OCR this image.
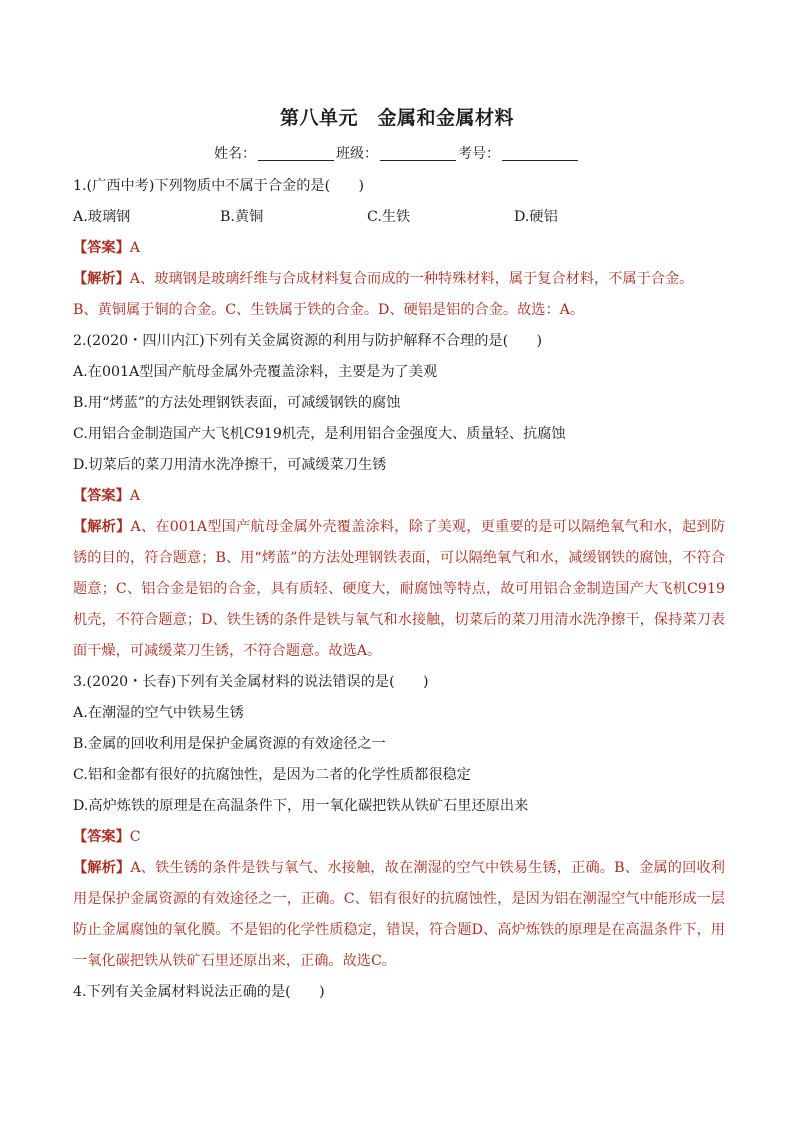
第八单元　金属和金属材料
姓名：	班级：	考号：

1.(广西中考)下列物质中不属于合金的是(　　)

A.玻璃钢	B.黄铜	C.生铁	D.硬铝

【答案】A

【解析】A、玻璃钢是玻璃纤维与合成材料复合而成的一种特殊材料，属于复合材料，不属于合金。

B、黄铜属于铜的合金。C、生铁属于铁的合金。D、硬铝是铝的合金。故选：A。

2.(2020・四川内江)下列有关金属资源的利用与防护解释不合理的是(　　)

A.在001A型国产航母金属外壳覆盖涂料，主要是为了美观

B.用“烤蓝”的方法处理钢铁表面，可减缓钢铁的腐蚀

C.用铝合金制造国产大飞机C919机壳，是利用铝合金强度大、质量轻、抗腐蚀

D.切菜后的菜刀用清水洗净擦干，可减缓菜刀生锈

【答案】A

【解析】A、在001A型国产航母金属外壳覆盖涂料，除了美观，更重要的是可以隔绝氧气和水，起到防锈的目的，符合题意；B、用“烤蓝”的方法处理钢铁表面，可以隔绝氧气和水，减缓钢铁的腐蚀，不符合题意；C、铝合金是铝的合金，具有质轻、硬度大，耐腐蚀等特点，故可用铝合金制造国产大飞机C919机壳，不符合题意；D、铁生锈的条件是铁与氧气和水接触，切菜后的菜刀用清水洗净擦干，保持菜刀表面干燥，可减缓菜刀生锈，不符合题意。故选A。

3.(2020・长春)下列有关金属材料的说法错误的是(　　)

A.在潮湿的空气中铁易生锈

B.金属的回收利用是保护金属资源的有效途径之一

C.铝和金都有很好的抗腐蚀性，是因为二者的化学性质都很稳定

D.高炉炼铁的原理是在高温条件下，用一氧化碳把铁从铁矿石里还原出来

【答案】C

【解析】A、铁生锈的条件是铁与氧气、水接触，故在潮湿的空气中铁易生锈，正确。B、金属的回收利用是保护金属资源的有效途径之一，正确。C、铝有很好的抗腐蚀性，是因为铝在潮湿空气中能形成一层防止金属腐蚀的氧化膜。不是铝的化学性质稳定，错误，符合题D、高炉炼铁的原理是在高温条件下，用一氧化碳把铁从铁矿石里还原出来，正确。故选C。

4.下列有关金属材料说法正确的是(　　)
